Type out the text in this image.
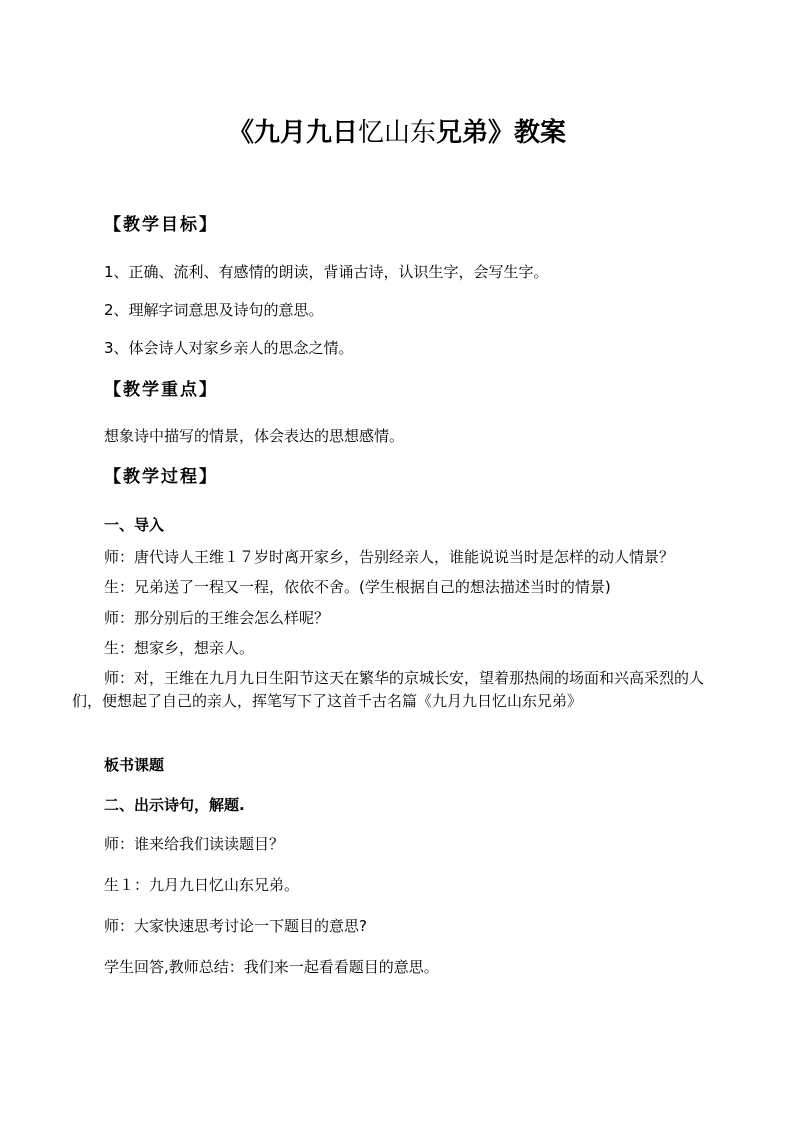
《九月九日忆山东兄弟》教案
【教学目标】
1、正确、流利、有感情的朗读，背诵古诗，认识生字，会写生字。
2、理解字词意思及诗句的意思。
3、体会诗人对家乡亲人的思念之情。
【教学重点】
想象诗中描写的情景，体会表达的思想感情。
【教学过程】
一、导入
师：唐代诗人王维１７岁时离开家乡，告别经亲人，谁能说说当时是怎样的动人情景？
生：兄弟送了一程又一程，依依不舍。(学生根据自己的想法描述当时的情景)
师：那分别后的王维会怎么样呢？
生：想家乡，想亲人。
师：对，王维在九月九日生阳节这天在繁华的京城长安，望着那热闹的场面和兴高采烈的人们，便想起了自己的亲人，挥笔写下了这首千古名篇《九月九日忆山东兄弟》
板书课题
二、出示诗句，解题.
师：谁来给我们读读题目？
生１：九月九日忆山东兄弟。
师：大家快速思考讨论一下题目的意思?
学生回答,教师总结：我们来一起看看题目的意思。
